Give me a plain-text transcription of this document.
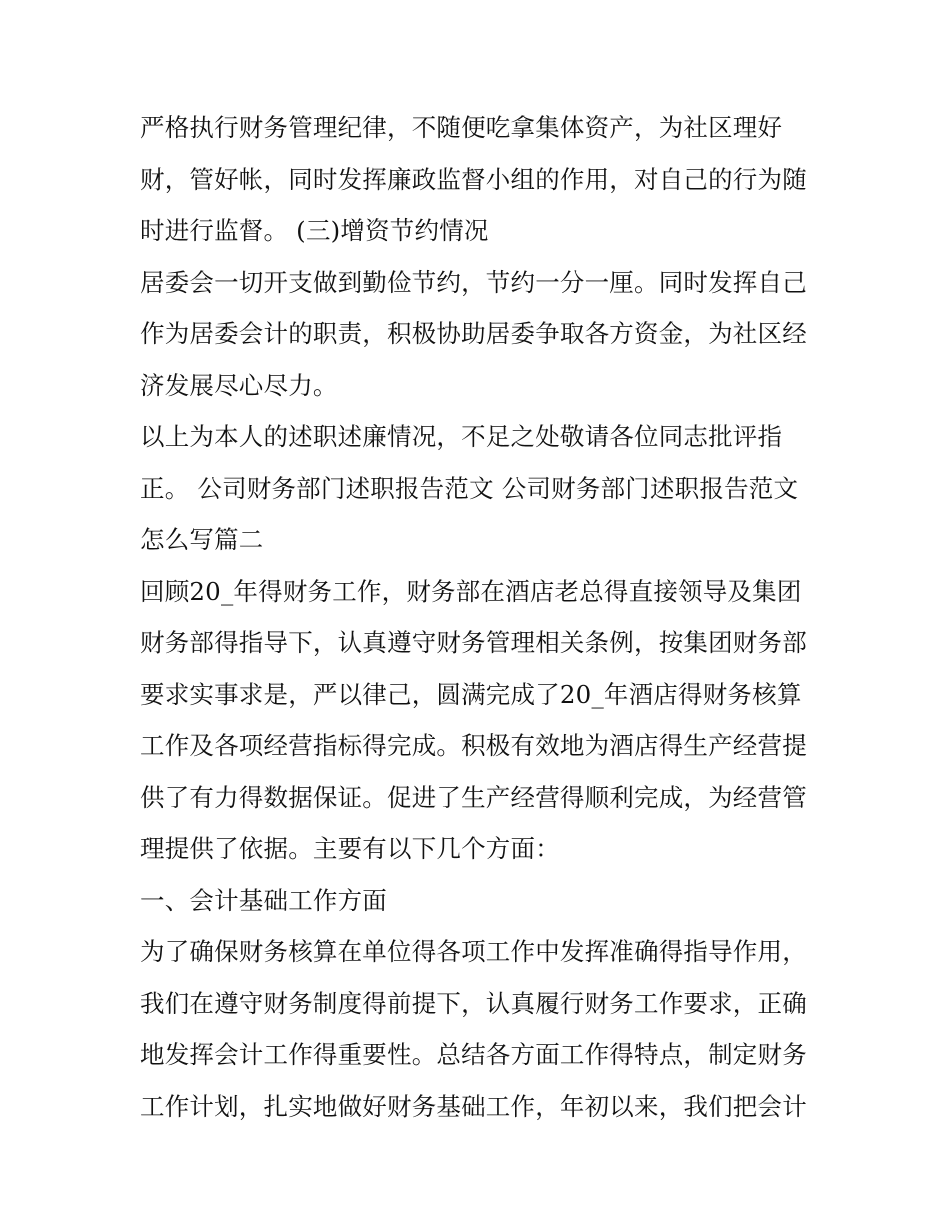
严格执行财务管理纪律，不随便吃拿集体资产，为社区理好
财，管好帐，同时发挥廉政监督小组的作用，对自己的行为随
时进行监督。 (三)增资节约情况
居委会一切开支做到勤俭节约，节约一分一厘。同时发挥自己
作为居委会计的职责，积极协助居委争取各方资金，为社区经
济发展尽心尽力。
以上为本人的述职述廉情况，不足之处敬请各位同志批评指
正。 公司财务部门述职报告范文 公司财务部门述职报告范文
怎么写篇二
回顾20_年得财务工作，财务部在酒店老总得直接领导及集团
财务部得指导下，认真遵守财务管理相关条例，按集团财务部
要求实事求是，严以律己，圆满完成了20_年酒店得财务核算
工作及各项经营指标得完成。积极有效地为酒店得生产经营提
供了有力得数据保证。促进了生产经营得顺利完成，为经营管
理提供了依据。主要有以下几个方面：
一、会计基础工作方面
为了确保财务核算在单位得各项工作中发挥准确得指导作用，
我们在遵守财务制度得前提下，认真履行财务工作要求，正确
地发挥会计工作得重要性。总结各方面工作得特点，制定财务
工作计划，扎实地做好财务基础工作，年初以来，我们把会计
